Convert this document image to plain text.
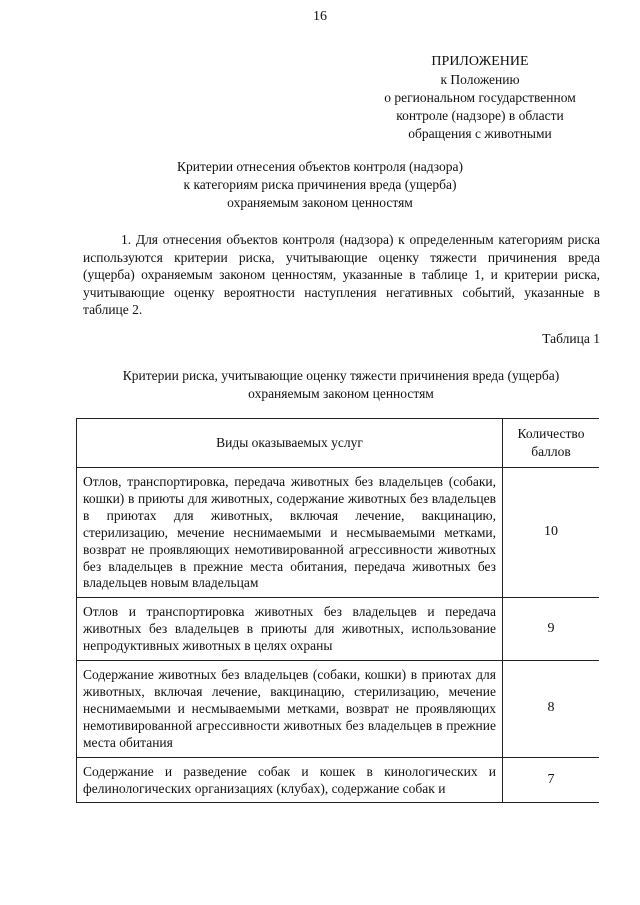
16
ПРИЛОЖЕНИЕ
к Положению
о региональном государственном
контроле (надзоре) в области
обращения с животными
Критерии отнесения объектов контроля (надзора)
к категориям риска причинения вреда (ущерба)
охраняемым законом ценностям

1. Для отнесения объектов контроля (надзора) к определенным категориям риска используются критерии риска, учитывающие оценку тяжести причинения вреда (ущерба) охраняемым законом ценностям, указанные в таблице 1, и критерии риска, учитывающие оценку вероятности наступления негативных событий, указанные в таблице 2.

Таблица 1
Критерии риска, учитывающие оценку тяжести причинения вреда (ущерба)
охраняемым законом ценностям
Виды оказываемых услуг	Количество баллов
Отлов, транспортировка, передача животных без владельцев (собаки, кошки) в приюты для животных, содержание животных без владельцев в приютах для животных, включая лечение, вакцинацию, стерилизацию, мечение неснимаемыми и несмываемыми метками, возврат не проявляющих немотивированной агрессивности животных без владельцев в прежние места обитания, передача животных без владельцев новым владельцам	10
Отлов и транспортировка животных без владельцев и передача животных без владельцев в приюты для животных, использование непродуктивных животных в целях охраны	9
Содержание животных без владельцев (собаки, кошки) в приютах для животных, включая лечение, вакцинацию, стерилизацию, мечение неснимаемыми и несмываемыми метками, возврат не проявляющих немотивированной агрессивности животных без владельцев в прежние места обитания	8
Содержание и разведение собак и кошек в кинологических и фелинологических организациях (клубах), содержание собак и	7
